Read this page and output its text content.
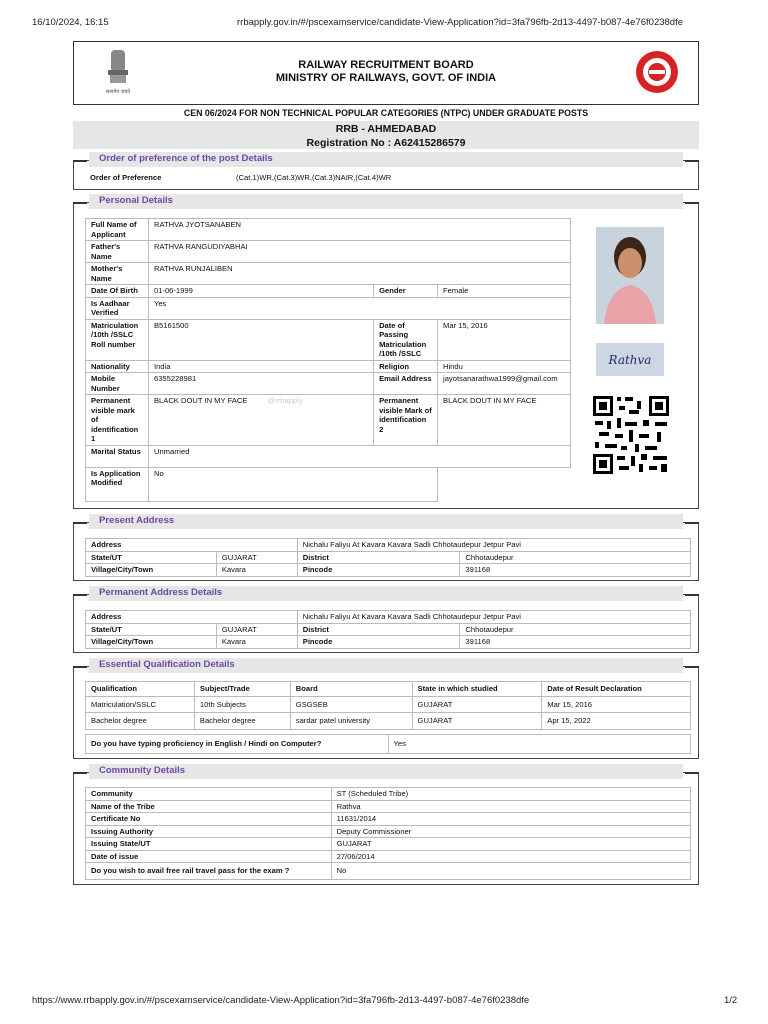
16/10/2024, 16:15	rrbapply.gov.in/#/pscexamservice/candidate-View-Application?id=3fa796fb-2d13-4497-b087-4e76f0238dfe
https://www.rrbapply.gov.in/#/pscexamservice/candidate-View-Application?id=3fa796fb-2d13-4497-b087-4e76f0238dfe	1/2
सत्यमेव जयते
RAILWAY RECRUITMENT BOARD
MINISTRY OF RAILWAYS, GOVT. OF INDIA
CEN 06/2024 FOR NON TECHNICAL POPULAR CATEGORIES (NTPC) UNDER GRADUATE POSTS
RRB - AHMEDABAD
Registration No : A62415286579
Order of preference of the post Details
Order of Preference	(Cat.1)WR,(Cat.3)WR,(Cat.3)NAIR,(Cat.4)WR
Personal Details
Full Name of Applicant	RATHVA JYOTSANABEN		
Father's Name	RATHVA RANGUDIYABHAI		
Mother's Name	RATHVA RUNJALIBEN		
Date Of Birth	01-06-1999	Gender	Female
Is Aadhaar Verified	Yes		
Matriculation /10th /SSLC Roll number	B5161500	Date of Passing Matriculation /10th /SSLC	Mar 15, 2016
Nationality	India	Religion	Hindu
Mobile Number	6355228981	Email Address	jayotsanarathwa1999@gmail.com
Permanent visible mark of identification 1	BLACK DOUT IN MY FACE @rrbapply	Permanent visible Mark of identification 2	BLACK DOUT IN MY FACE
Marital Status	Unmarried		
Is Application Modified	No		
Rathva
Present Address
Address		Nichalu Faliyu At Kavara Kavara Sadli Chhotaudepur Jetpur Pavi	
State/UT	GUJARAT	District	Chhotaudepur
Village/City/Town	Kavara	Pincode	391168
Permanent Address Details
Address		Nichalu Faliyu At Kavara Kavara Sadli Chhotaudepur Jetpur Pavi	
State/UT	GUJARAT	District	Chhotaudepur
Village/City/Town	Kavara	Pincode	391168
Essential Qualification Details
Qualification	Subject/Trade	Board	State in which studied	Date of Result Declaration
Matriculation/SSLC	10th Subjects	GSGSEB	GUJARAT	Mar 15, 2016
Bachelor degree	Bachelor degree	sardar patel university	GUJARAT	Apr 15, 2022
Do you have typing proficiency in English / Hindi on Computer?	Yes
Community Details
Community	ST (Scheduled Tribe)
Name of the Tribe	Rathva
Certificate No	11631/2014
Issuing Authority	Deputy Commissioner
Issuing State/UT	GUJARAT
Date of issue	27/06/2014
Do you wish to avail free rail travel pass for the exam ?	No
